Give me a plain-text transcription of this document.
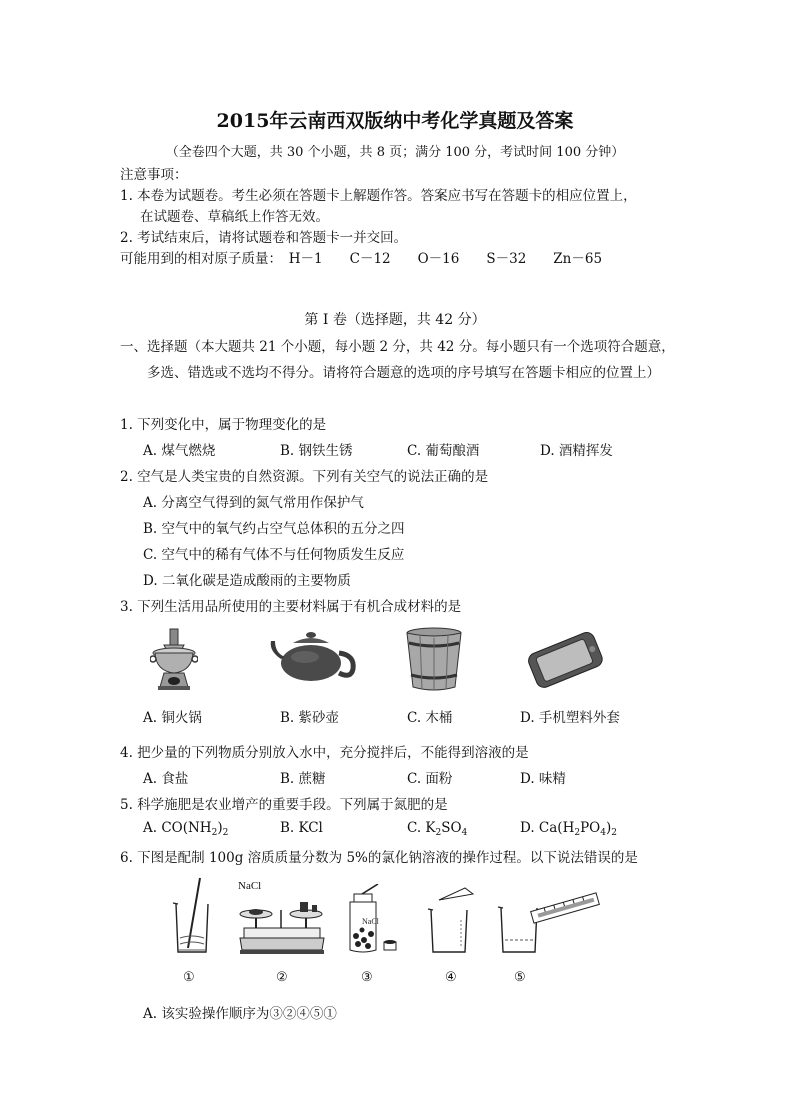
2015年云南西双版纳中考化学真题及答案
（全卷四个大题，共 30 个小题，共 8 页；满分 100 分，考试时间 100 分钟）
注意事项：
1. 本卷为试题卷。考生必须在答题卡上解题作答。答案应书写在答题卡的相应位置上，
在试题卷、草稿纸上作答无效。
2. 考试结束后，请将试题卷和答题卡一并交回。
可能用到的相对原子质量：　H－1　　C－12　　O－16　　S－32　　Zn－65
第 I 卷（选择题，共 42 分）
一、选择题（本大题共 21 个小题，每小题 2 分，共 42 分。每小题只有一个选项符合题意，
多选、错选或不选均不得分。请将符合题意的选项的序号填写在答题卡相应的位置上）
1. 下列变化中，属于物理变化的是
A. 煤气燃烧	B. 钢铁生锈	C. 葡萄酿酒	D. 酒精挥发
2. 空气是人类宝贵的自然资源。下列有关空气的说法正确的是
A. 分离空气得到的氮气常用作保护气
B. 空气中的氧气约占空气总体积的五分之四
C. 空气中的稀有气体不与任何物质发生反应
D. 二氧化碳是造成酸雨的主要物质
3. 下列生活用品所使用的主要材料属于有机合成材料的是
A. 铜火锅	B. 紫砂壶	C. 木桶	D. 手机塑料外套
4. 把少量的下列物质分别放入水中，充分搅拌后，不能得到溶液的是
A. 食盐	B. 蔗糖	C. 面粉	D. 味精
5. 科学施肥是农业增产的重要手段。下列属于氮肥的是
A. $CO(NH_2)_2$	B. KCl	C. $K_2SO_4$	D. $Ca(H_2PO_4)_2$
6. 下图是配制 100g 溶质质量分数为 5%的氯化钠溶液的操作过程。以下说法错误的是
NaCl
NaCl
①	②	③	④	⑤
A. 该实验操作顺序为③②④⑤①
